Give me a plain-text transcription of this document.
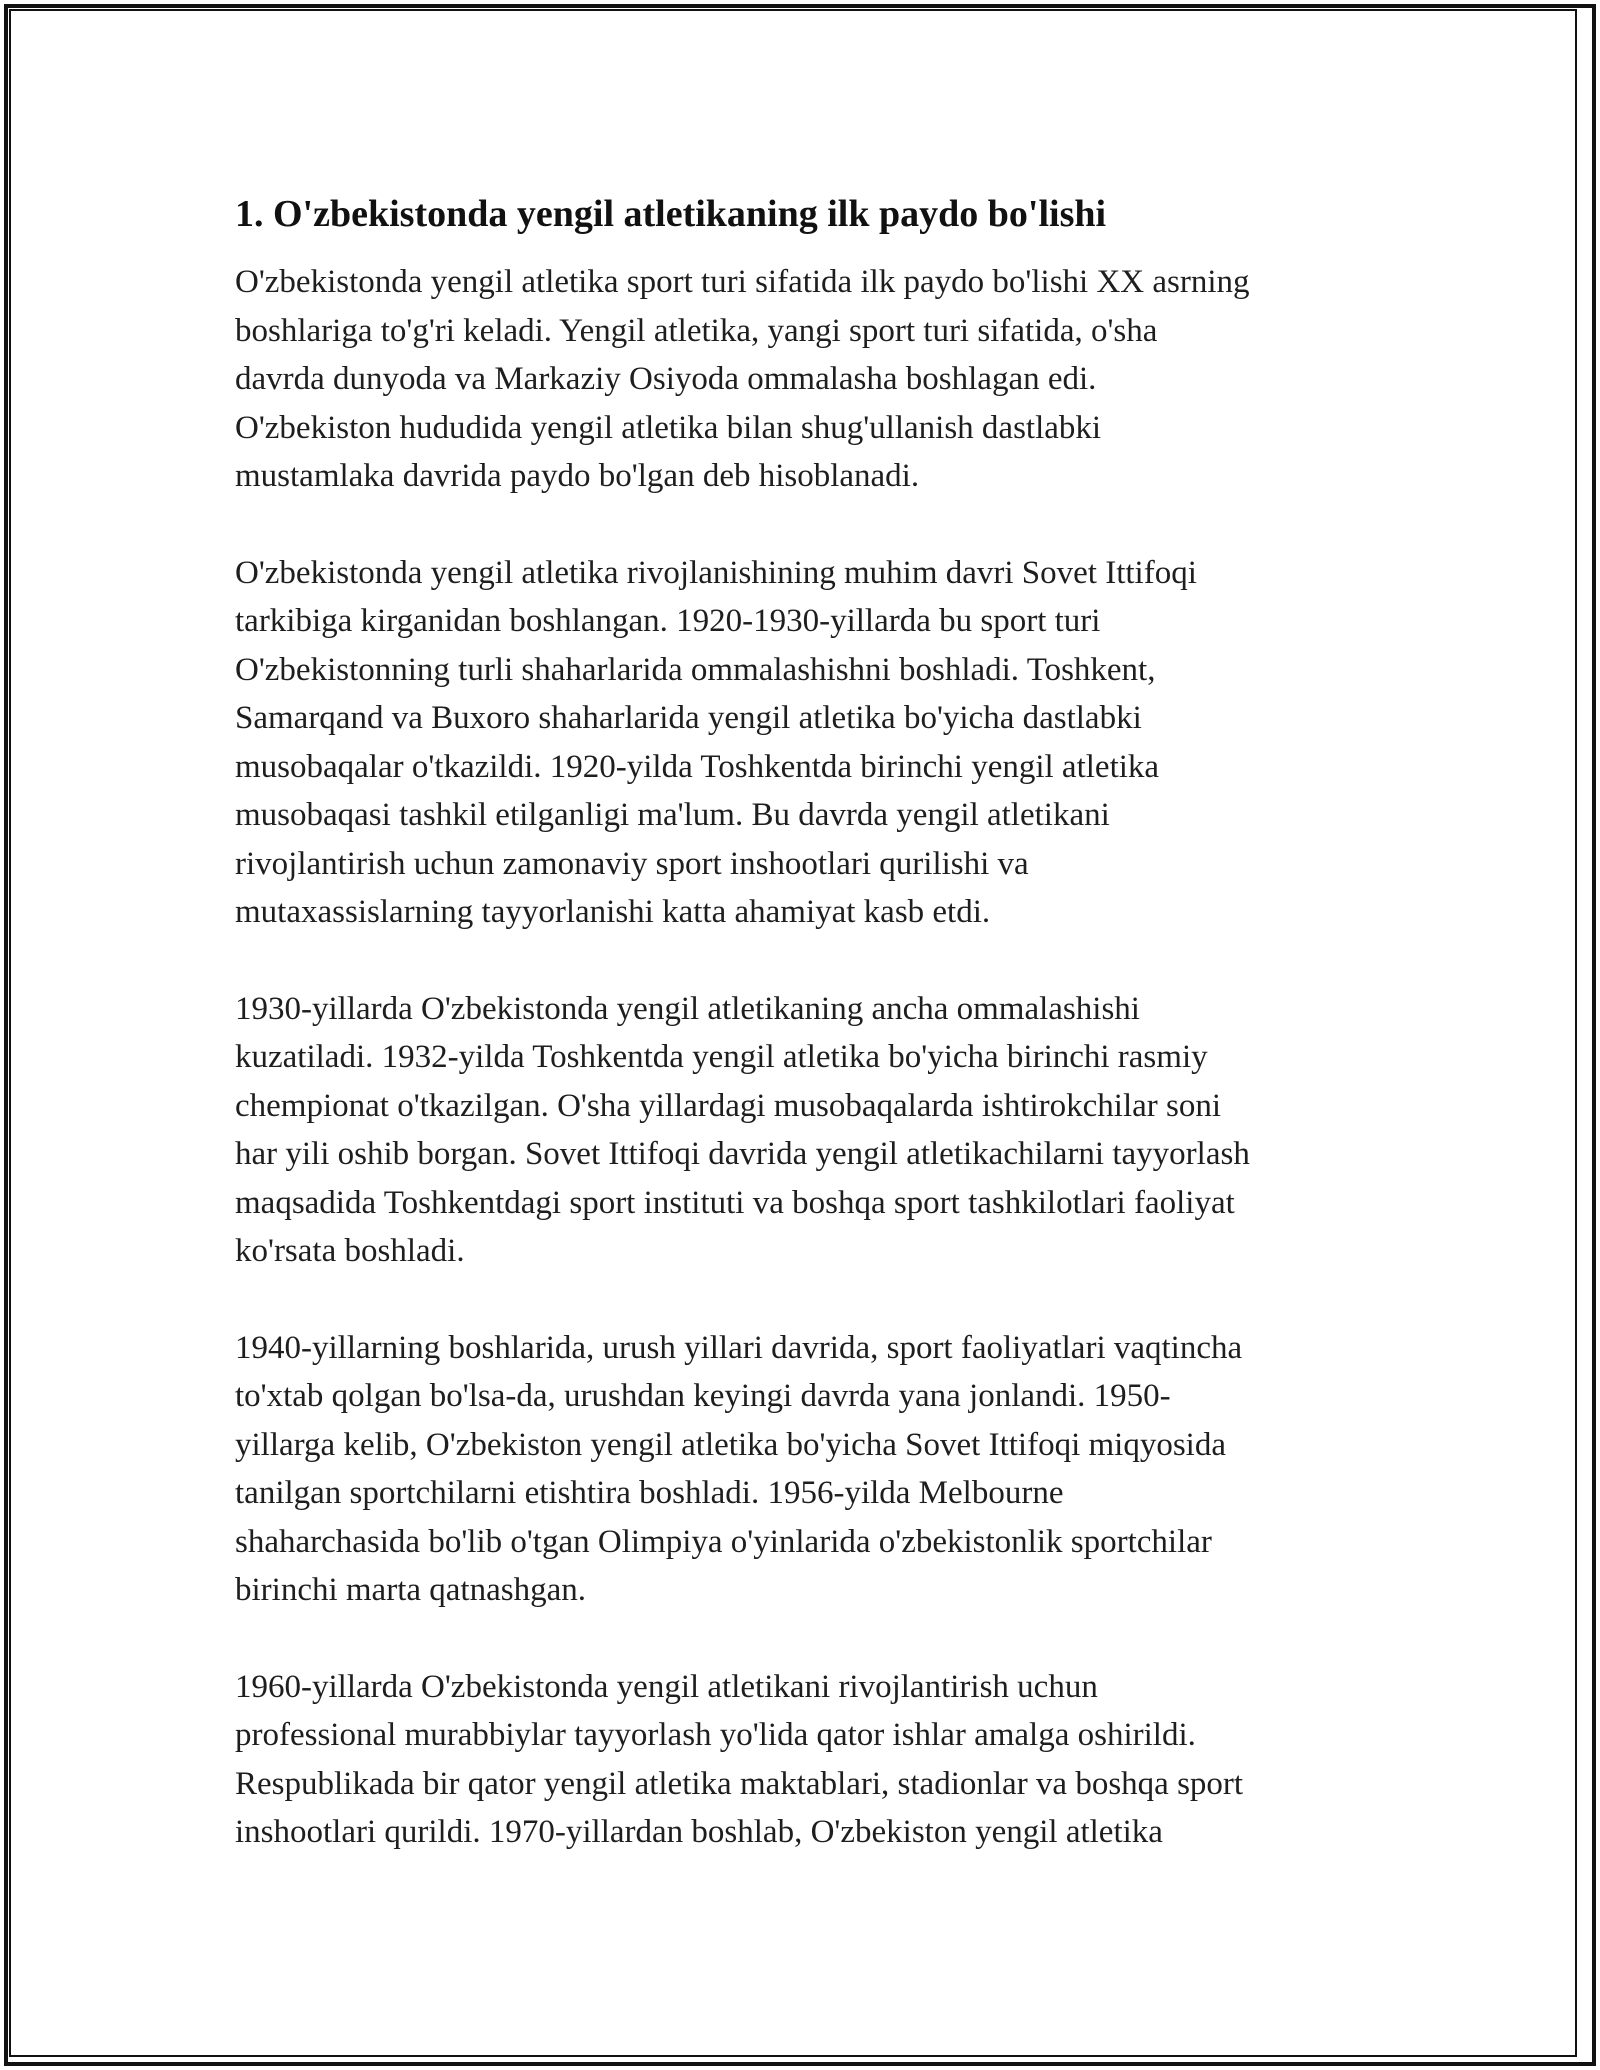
1. O'zbekistonda yengil atletikaning ilk paydo bo'lishi
O'zbekistonda yengil atletika sport turi sifatida ilk paydo bo'lishi XX asrning
boshlariga to'g'ri keladi. Yengil atletika, yangi sport turi sifatida, o'sha
davrda dunyoda va Markaziy Osiyoda ommalasha boshlagan edi.
O'zbekiston hududida yengil atletika bilan shug'ullanish dastlabki
mustamlaka davrida paydo bo'lgan deb hisoblanadi.
O'zbekistonda yengil atletika rivojlanishining muhim davri Sovet Ittifoqi
tarkibiga kirganidan boshlangan. 1920-1930-yillarda bu sport turi
O'zbekistonning turli shaharlarida ommalashishni boshladi. Toshkent,
Samarqand va Buxoro shaharlarida yengil atletika bo'yicha dastlabki
musobaqalar o'tkazildi. 1920-yilda Toshkentda birinchi yengil atletika
musobaqasi tashkil etilganligi ma'lum. Bu davrda yengil atletikani
rivojlantirish uchun zamonaviy sport inshootlari qurilishi va
mutaxassislarning tayyorlanishi katta ahamiyat kasb etdi.
1930-yillarda O'zbekistonda yengil atletikaning ancha ommalashishi
kuzatiladi. 1932-yilda Toshkentda yengil atletika bo'yicha birinchi rasmiy
chempionat o'tkazilgan. O'sha yillardagi musobaqalarda ishtirokchilar soni
har yili oshib borgan. Sovet Ittifoqi davrida yengil atletikachilarni tayyorlash
maqsadida Toshkentdagi sport instituti va boshqa sport tashkilotlari faoliyat
ko'rsata boshladi.
1940-yillarning boshlarida, urush yillari davrida, sport faoliyatlari vaqtincha
to'xtab qolgan bo'lsa-da, urushdan keyingi davrda yana jonlandi. 1950-
yillarga kelib, O'zbekiston yengil atletika bo'yicha Sovet Ittifoqi miqyosida
tanilgan sportchilarni etishtira boshladi. 1956-yilda Melbourne
shaharchasida bo'lib o'tgan Olimpiya o'yinlarida o'zbekistonlik sportchilar
birinchi marta qatnashgan.
1960-yillarda O'zbekistonda yengil atletikani rivojlantirish uchun
professional murabbiylar tayyorlash yo'lida qator ishlar amalga oshirildi.
Respublikada bir qator yengil atletika maktablari, stadionlar va boshqa sport
inshootlari qurildi. 1970-yillardan boshlab, O'zbekiston yengil atletika
